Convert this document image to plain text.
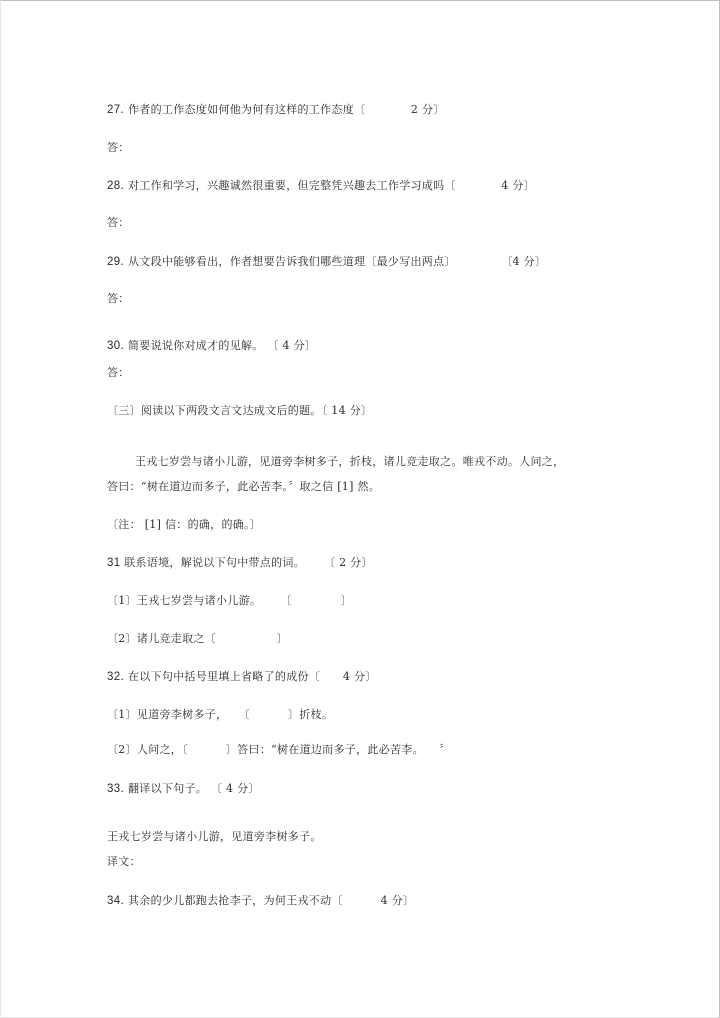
27. 作者的工作态度如何他为何有这样的工作态度〔            2 分〕
答：
28. 对工作和学习，兴趣诚然很重要，但完整凭兴趣去工作学习成吗〔            4 分〕
答：
29. 从文段中能够看出，作者想要告诉我们哪些道理〔最少写出两点〕            〔4 分〕
答：
30. 简要说说你对成才的见解。 〔 4 分〕
答：
〔三〕阅读以下两段文言文达成文后的题。〔 14 分〕
王戎七岁尝与诸小儿游，见道旁李树多子，折枝，诸儿竞走取之。唯戎不动。人问之，
答曰：“树在道边而多子，此必苦李。〞取之信 [1] 然。
〔注： [1] 信：的确，的确。〕
31 联系语境，解说以下句中带点的词。     〔 2 分〕
〔1〕王戎七岁尝与诸小儿游。     〔             〕
〔2〕诸儿竞走取之〔                〕
32. 在以下句中括号里填上省略了的成份〔      4 分〕
〔1〕见道旁李树多子，   〔          〕折枝。
〔2〕人问之，〔          〕答曰：“树在道边而多子，此必苦李。    〞
33. 翻译以下句子。 〔 4 分〕
王戎七岁尝与诸小儿游，见道旁李树多子。
译文：
34. 其余的少儿都跑去抢李子，为何王戎不动〔          4 分〕
